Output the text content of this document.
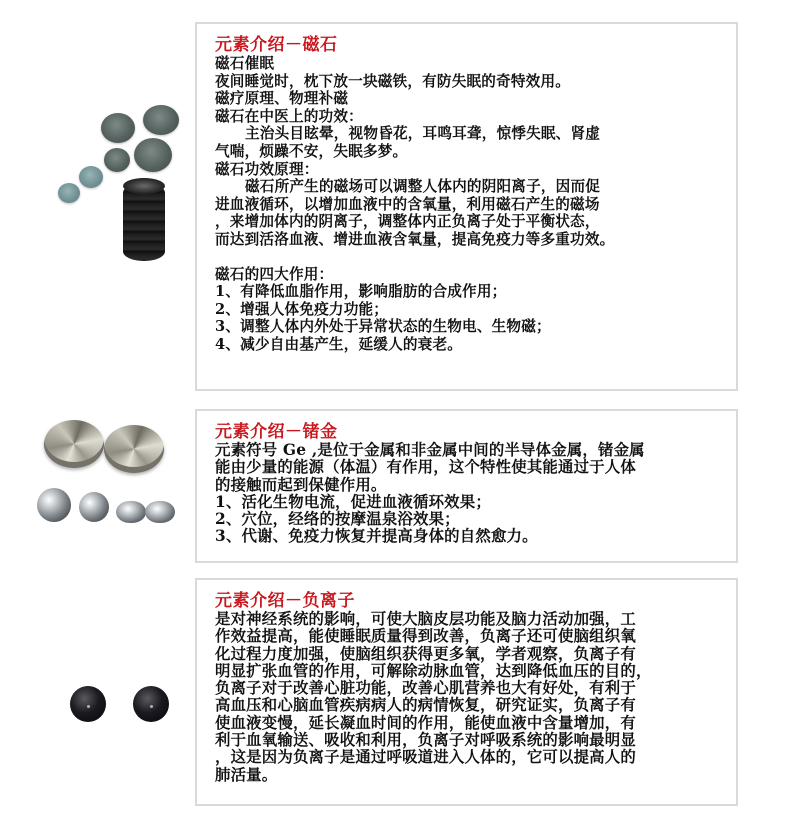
元素介绍－磁石

磁石催眠

夜间睡觉时，枕下放一块磁铁，有防失眠的奇特效用。

磁疗原理、物理补磁

磁石在中医上的功效：

主治头目眩晕，视物昏花，耳鸣耳聋，惊悸失眠、肾虚

气喘，烦躁不安，失眠多梦。

磁石功效原理：

磁石所产生的磁场可以调整人体内的阴阳离子，因而促

进血液循环，以增加血液中的含氧量，利用磁石产生的磁场

，来增加体内的阴离子，调整体内正负离子处于平衡状态，

而达到活洛血液、增进血液含氧量，提高免疫力等多重功效。

磁石的四大作用：

1、有降低血脂作用，影响脂肪的合成作用；

2、增强人体免疫力功能；

3、调整人体内外处于异常状态的生物电、生物磁；

4、减少自由基产生，延缓人的衰老。

元素介绍－锗金

元素符号 Ge ,是位于金属和非金属中间的半导体金属，锗金属

能由少量的能源（体温）有作用，这个特性使其能通过于人体

的接触而起到保健作用。

1、活化生物电流，促进血液循环效果；

2、穴位，经络的按摩温泉浴效果；

3、代谢、免疫力恢复并提高身体的自然愈力。

元素介绍－负离子

是对神经系统的影响，可使大脑皮层功能及脑力活动加强，工

作效益提高，能使睡眠质量得到改善，负离子还可使脑组织氧

化过程力度加强，使脑组织获得更多氧，学者观察，负离子有

明显扩张血管的作用，可解除动脉血管，达到降低血压的目的，

负离子对于改善心脏功能，改善心肌营养也大有好处，有利于

高血压和心脑血管疾病病人的病情恢复，研究证实，负离子有

使血液变慢，延长凝血时间的作用，能使血液中含量增加，有

利于血氧输送、吸收和利用，负离子对呼吸系统的影响最明显

，这是因为负离子是通过呼吸道进入人体的，它可以提高人的

肺活量。
